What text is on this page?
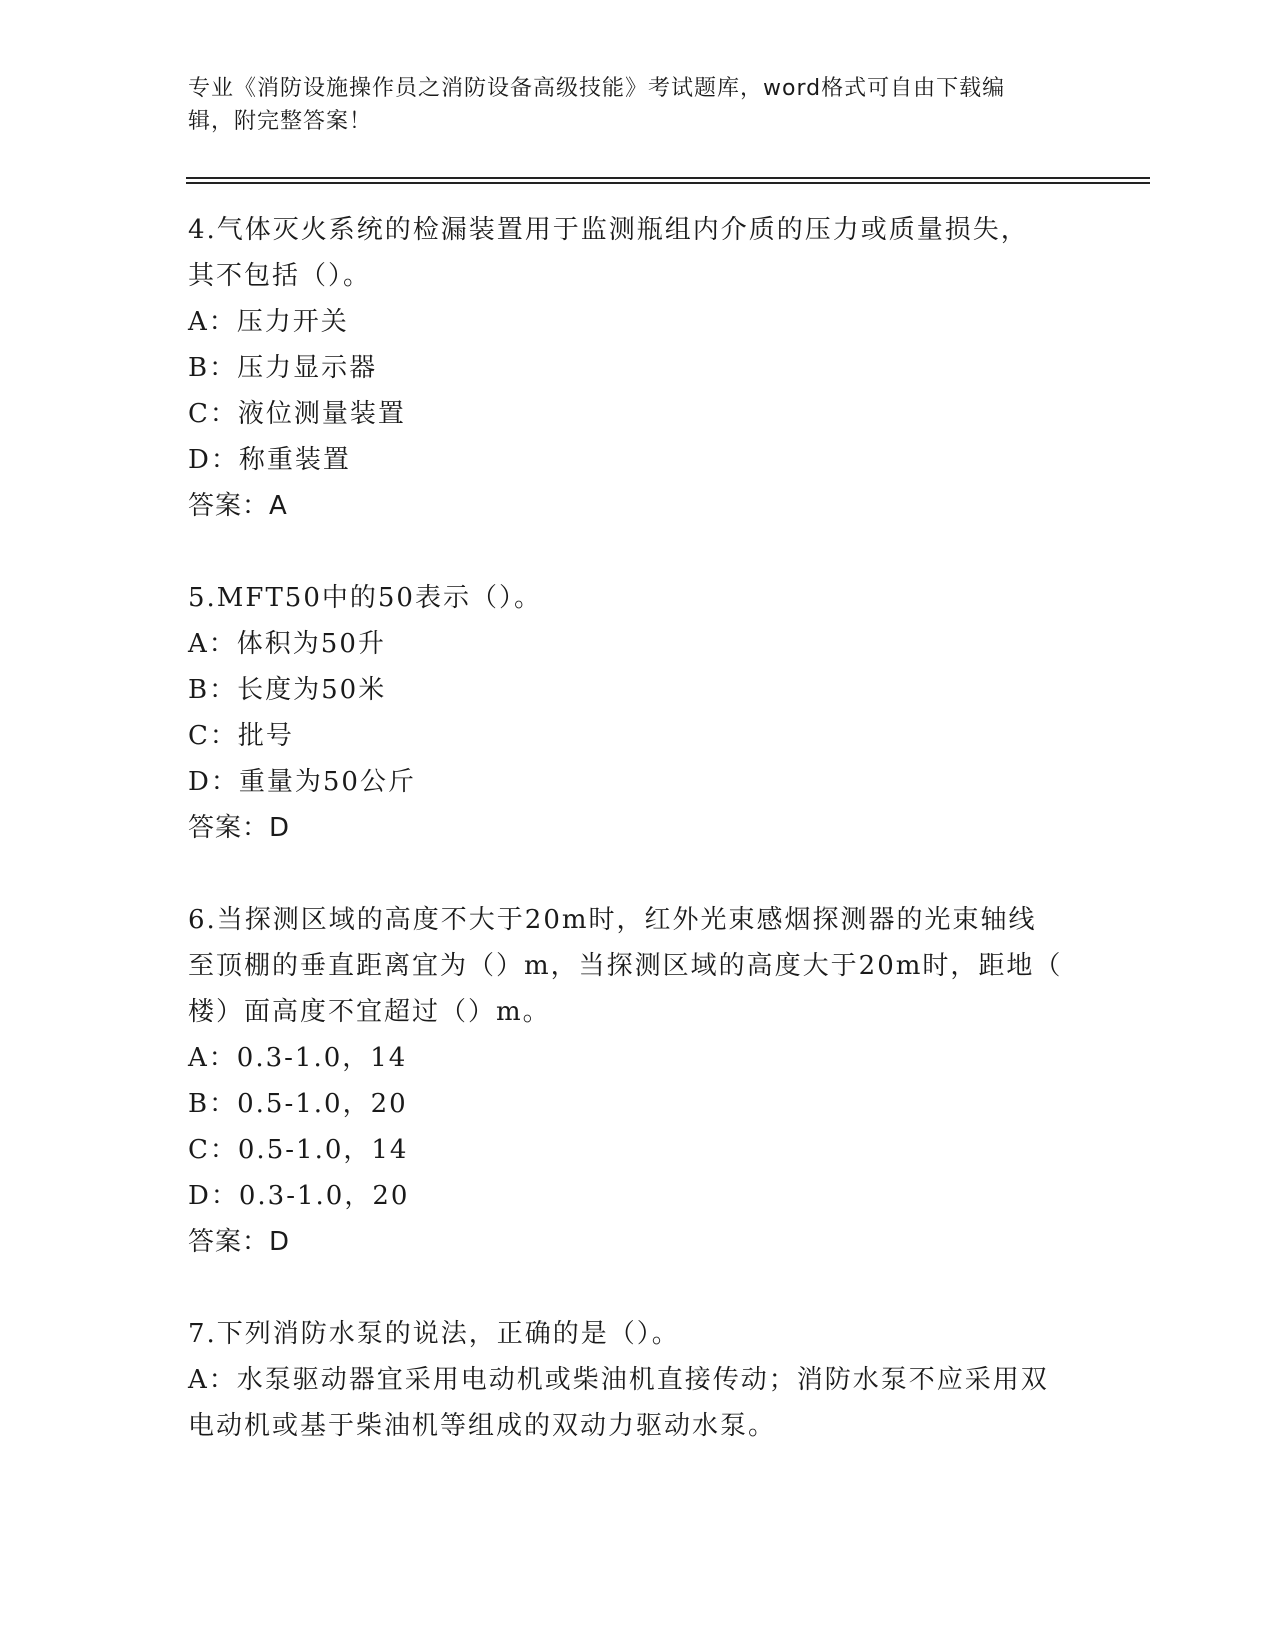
专业《消防设施操作员之消防设备高级技能》考试题库，word格式可自由下载编
辑，附完整答案！
4.气体灭火系统的检漏装置用于监测瓶组内介质的压力或质量损失，
其不包括（）。
A：压力开关
B：压力显示器
C：液位测量装置
D：称重装置
答案：A
5.MFT50中的50表示（）。
A：体积为50升
B：长度为50米
C：批号
D：重量为50公斤
答案：D
6.当探测区域的高度不大于20m时，红外光束感烟探测器的光束轴线
至顶棚的垂直距离宜为（）m，当探测区域的高度大于20m时，距地（
楼）面高度不宜超过（）m。
A：0.3-1.0，14
B：0.5-1.0，20
C：0.5-1.0，14
D：0.3-1.0，20
答案：D
7.下列消防水泵的说法，正确的是（）。
A：水泵驱动器宜采用电动机或柴油机直接传动；消防水泵不应采用双
电动机或基于柴油机等组成的双动力驱动水泵。
